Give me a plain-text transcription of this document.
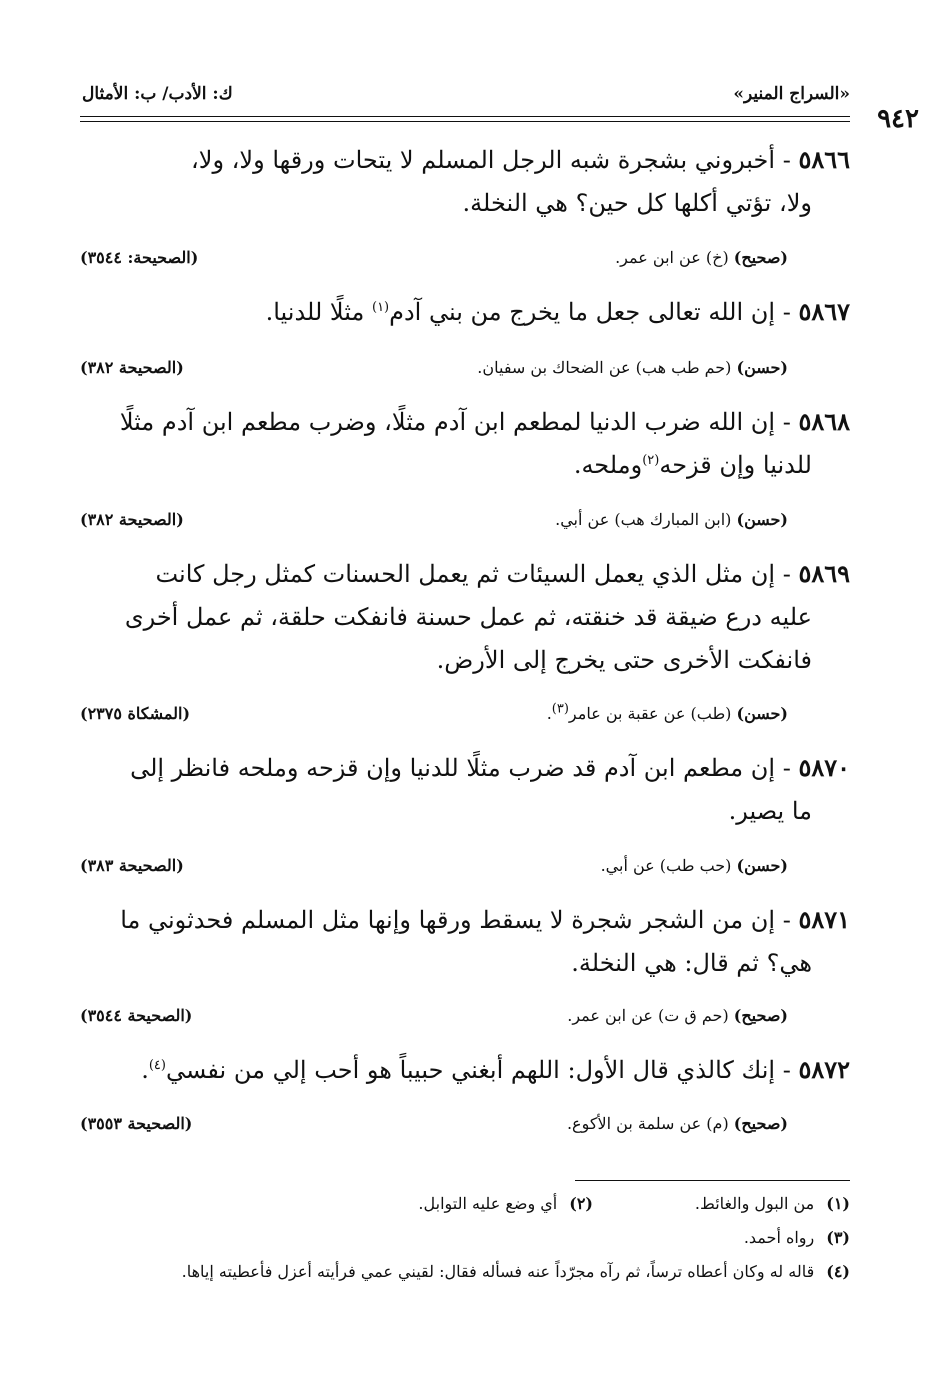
«السراج المنير»
ك: الأدب/ ب: الأمثال
٩٤٢
٥٨٦٦ - أخبروني بشجرة شبه الرجل المسلم لا يتحات ورقها ولا، ولا،
ولا، تؤتي أكلها كل حين؟ هي النخلة.
(صحيح) (خ) عن ابن عمر.
(الصحيحة: ٣٥٤٤)
٥٨٦٧ - إن الله تعالى جعل ما يخرج من بني آدم$^{(١)}$ مثلًا للدنيا.
(حسن) (حم طب هب) عن الضحاك بن سفيان.
(الصحيحة ٣٨٢)
٥٨٦٨ - إن الله ضرب الدنيا لمطعم ابن آدم مثلًا، وضرب مطعم ابن آدم مثلًا
للدنيا وإن قزحه$^{(٢)}$وملحه.
(حسن) (ابن المبارك هب) عن أبي.
(الصحيحة ٣٨٢)
٥٨٦٩ - إن مثل الذي يعمل السيئات ثم يعمل الحسنات كمثل رجل كانت
عليه درع ضيقة قد خنقته، ثم عمل حسنة فانفكت حلقة، ثم عمل أخرى
فانفكت الأخرى حتى يخرج إلى الأرض.
(حسن) (طب) عن عقبة بن عامر$^{(٣)}$.
(المشكاة ٢٣٧٥)
٥٨٧٠ - إن مطعم ابن آدم قد ضرب مثلًا للدنيا وإن قزحه وملحه فانظر إلى
ما يصير.
(حسن) (حب طب) عن أبي.
(الصحيحة ٣٨٣)
٥٨٧١ - إن من الشجر شجرة لا يسقط ورقها وإنها مثل المسلم فحدثوني ما
هي؟ ثم قال: هي النخلة.
(صحيح) (حم ق ت) عن ابن عمر.
(الصحيحة ٣٥٤٤)
٥٨٧٢ - إنك كالذي قال الأول: اللهم أبغني حبيباً هو أحب إلي من نفسي$^{(٤)}$.
(صحيح) (م) عن سلمة بن الأكوع.
(الصحيحة ٣٥٥٣)
(١)من البول والغائط.
(٢)أي وضع عليه التوابل.
(٣)رواه أحمد.
(٤)قاله له وكان أعطاه ترساً، ثم رآه مجرّداً عنه فسأله فقال: لقيني عمي فرأيته أعزل فأعطيته إياها.
